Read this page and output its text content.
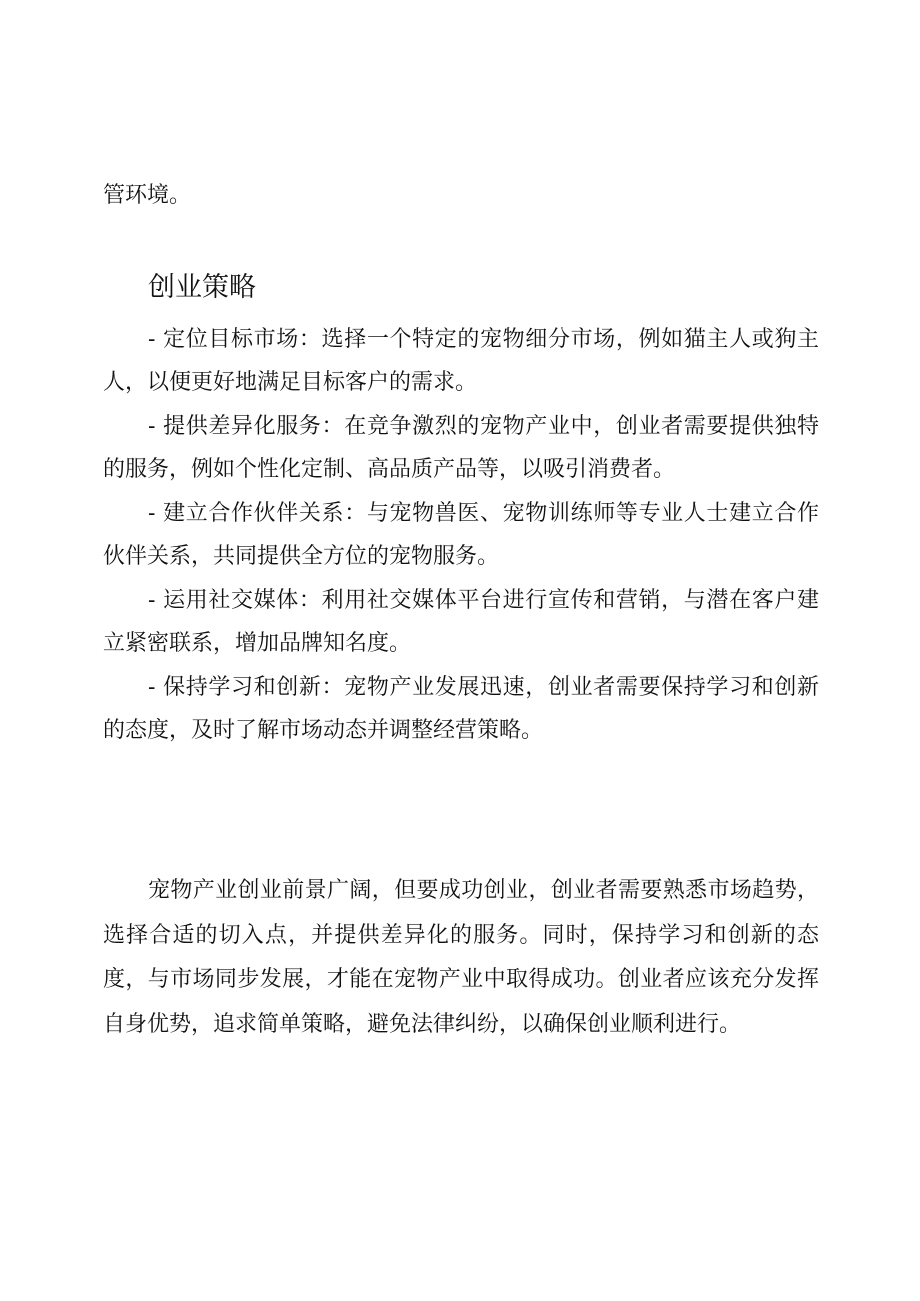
管环境。

创业策略

- 定位目标市场：选择一个特定的宠物细分市场，例如猫主人或狗主人，以便更好地满足目标客户的需求。

- 提供差异化服务：在竞争激烈的宠物产业中，创业者需要提供独特的服务，例如个性化定制、高品质产品等，以吸引消费者。

- 建立合作伙伴关系：与宠物兽医、宠物训练师等专业人士建立合作伙伴关系，共同提供全方位的宠物服务。

- 运用社交媒体：利用社交媒体平台进行宣传和营销，与潜在客户建立紧密联系，增加品牌知名度。

- 保持学习和创新：宠物产业发展迅速，创业者需要保持学习和创新的态度，及时了解市场动态并调整经营策略。

宠物产业创业前景广阔，但要成功创业，创业者需要熟悉市场趋势，选择合适的切入点，并提供差异化的服务。同时，保持学习和创新的态度，与市场同步发展，才能在宠物产业中取得成功。创业者应该充分发挥自身优势，追求简单策略，避免法律纠纷，以确保创业顺利进行。
